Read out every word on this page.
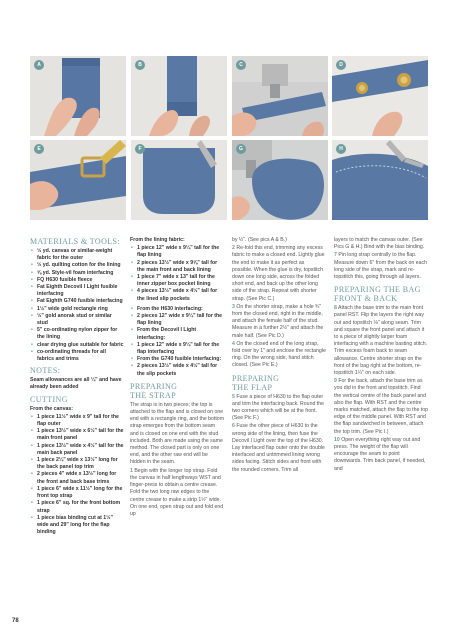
A	B	C	D
E	F	G	H
MATERIALS & TOOLS:
• ½ yd. canvas or similar-weight fabric for the outer
• ½ yd. quilting cotton for the lining
• ⅝ yd. Style-vil foam interfacing
• FQ H630 fusible fleece
• Fat Eighth Decovil I Light fusible interfacing
• Fat Eighth G740 fusible interfacing
• 1½" wide gold rectangle ring
• ½" gold anorak stud or similar stud
• 5" co-ordinating nylon zipper for the lining
• clear drying glue suitable for fabric
• co-ordinating threads for all fabrics and trims
NOTES:

Seam allowances are all ¼" and have already been added

CUTTING

From the canvas:

• 1 piece 11½" wide x 9" tall for the flap outer
• 1 piece 13½" wide x 6½" tall for the main front panel
• 1 piece 13½" wide x 4½" tall for the main back panel
• 1 piece 2¼" wide x 13½" long for the back panel top trim
• 2 pieces 4" wide x 13½" long for the front and back base trims
• 1 piece 6" wide x 11½" long for the front top strap
• 1 piece 6" sq. for the front bottom strap
• 1 piece bias binding cut at 1½" wide and 29" long for the flap binding

From the lining fabric:

• 1 piece 12" wide x 9¼" tall for the flap lining
• 2 pieces 13½" wide x 9⅝" tall for the main front and back lining
• 1 piece 7" wide x 13" tall for the inner zipper box pocket lining
• 4 pieces 13½" wide x 4½" tall for the lined slip pockets
• From the H630 interfacing:
• 2 pieces 12" wide x 9¼" tall for the flap lining
• From the Decovil I Light interfacing:
• 1 piece 12" wide x 9¼" tall for the flap interfacing
• From the G740 fusible interfacing:
• 2 pieces 13½" wide x 4½" tall for the slip pockets
PREPARING
THE STRAP

The strap is in two pieces; the top is attached to the flap and is closed on one end with a rectangle ring, and the bottom strap emerges from the bottom seam and is closed on one end with the stud included. Both are made using the same method. The closed part is only on one end, and the other raw end will be hidden in the seam.

1 Begin with the longer top strap. Fold the canvas in half lengthways WST and finger-press to obtain a centre crease. Fold the two long raw edges to the centre crease to make a strip 1½" wide. On one end, open strap out and fold end up

by ½". (See pics A & B.)

2 Re-fold this end, trimming any excess fabric to make a closed end. Lightly glue the end to make it as perfect as possible. When the glue is dry, topstitch down one long side, across the folded short end, and back up the other long side of the strap. Repeat with shorter strap. (See Pic C.)

3 On the shorter strap, make a hole ¾" from the closed end, right in the middle, and attach the female half of the stud. Measure in a further 2½" and attach the male half. (See Pic D.)

4 On the closed end of the long strap, fold over by 1" and enclose the rectangle ring. On the wrong side, hand stitch closed. (See Pic E.)

PREPARING
THE FLAP

5 Fuse a piece of H630 to the flap outer and trim the interfacing back. Round the two corners which will be at the front. (See Pic F.)

6 Fuse the other piece of H630 to the wrong side of the lining, then fuse the Decovil I Light over the top of the H630. Lay interfaced flap outer onto the double interfaced and untrimmed lining wrong sides facing. Stitch sides and front with the rounded corners. Trim all

layers to match the canvas outer. (See Pics G & H.) Bind with the bias binding.

7 Pin long strap centrally to the flap. Measure down 6" from the back on each long side of the strap, mark and re-topstitch this, going through all layers.

PREPARING THE BAG
FRONT & BACK

8 Attach the base trim to the main front panel RST. Flip the layers the right way out and topstitch ⅛" along seam. Trim and square the front panel and attach it to a piece of slightly larger foam interfacing with a machine basting stitch. Trim excess foam back to seam allowance. Centre shorter strap on the front of the bag right at the bottom, re-topstitch 1¼" on each side.

9 For the back, attach the base trim as you did in the front and topstitch. Find the vertical centre of the back panel and also the flap. With RST and the centre marks matched, attach the flap to the top edge of the middle panel. With RST and the flap sandwiched in between, attach the top trim. (See Pic I.)

10 Open everything right way out and press. The weight of the flap will encourage the seam to point downwards. Trim back panel, if needed, and

78
